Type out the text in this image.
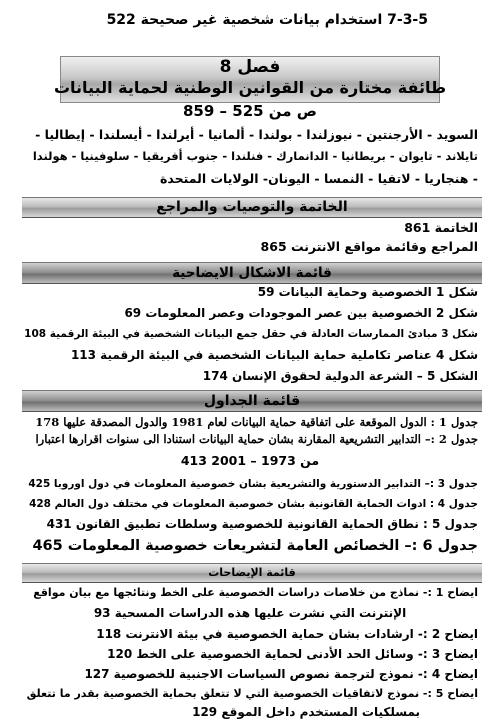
7-3-5 استخدام بيانات شخصية غير صحيحة 522
فصل 8
طائفة مختارة من القوانين الوطنية لحماية البيانات
ص من 525 – 859
السويد - الأرجنتين - نيوزلندا - بولندا - ألمانيا - أيرلندا - أيسلندا - إيطاليا -
تايلاند - تايوان - بريطانيا - الدانمارك - فنلندا - جنوب أفريقيا - سلوفينيا - هولندا
- هنجاريا - لاتفيا - النمسا - اليونان- الولايات المتحدة
الخاتمة والتوصيات والمراجع
الخاتمة 861
المراجع وقائمة مواقع الانترنت 865
قائمة الاشكال الايضاحية
شكل 1 الخصوصية وحماية البيانات 59
شكل 2 الخصوصية بين عصر الموجودات وعصر المعلومات 69
شكل 3 مبادئ الممارسات العادلة في حقل جمع البيانات الشخصية في البيئة الرقمية 108
شكل 4 عناصر تكاملية حماية البيانات الشخصية في البيئة الرقمية 113
الشكل 5 – الشرعة الدولية لحقوق الإنسان 174
قائمة الجداول
جدول 1 : الدول الموقعة على اتفاقية حماية البيانات لعام 1981 والدول المصدقة عليها 178
جدول 2 :– التدابير التشريعية المقارنة بشان حماية البيانات استنادا الى سنوات اقرارها اعتبارا
من 1973 – 2001 413
جدول 3 :– التدابير الدستورية والتشريعية بشان خصوصية المعلومات في دول اوروبا 425
جدول 4 : ادوات الحماية القانونية بشان خصوصية المعلومات في مختلف دول العالم 428
جدول 5 : نطاق الحماية القانونية للخصوصية وسلطات تطبيق القانون 431
جدول 6 :– الخصائص العامة لتشريعات خصوصية المعلومات 465
قائمة الإيضاحات
ايضاح 1 :- نماذج من خلاصات دراسات الخصوصية على الخط ونتائجها مع بيان مواقع
الإنترنت التي نشرت عليها هذه الدراسات المسحية 93
ايضاح 2 :- ارشادات بشان حماية الخصوصية في بيئة الانترنت 118
ايضاح 3 :- وسائل الحد الأدنى لحماية الخصوصية على الخط 120
ايضاح 4 :- نموذج لترجمة نصوص السياسات الاجنبية للخصوصية 127
ايضاح 5 :- نموذج لاتفاقيات الخصوصية التي لا تتعلق بحماية الخصوصية بقدر ما تتعلق
بمسلكيات المستخدم داخل الموقع 129
